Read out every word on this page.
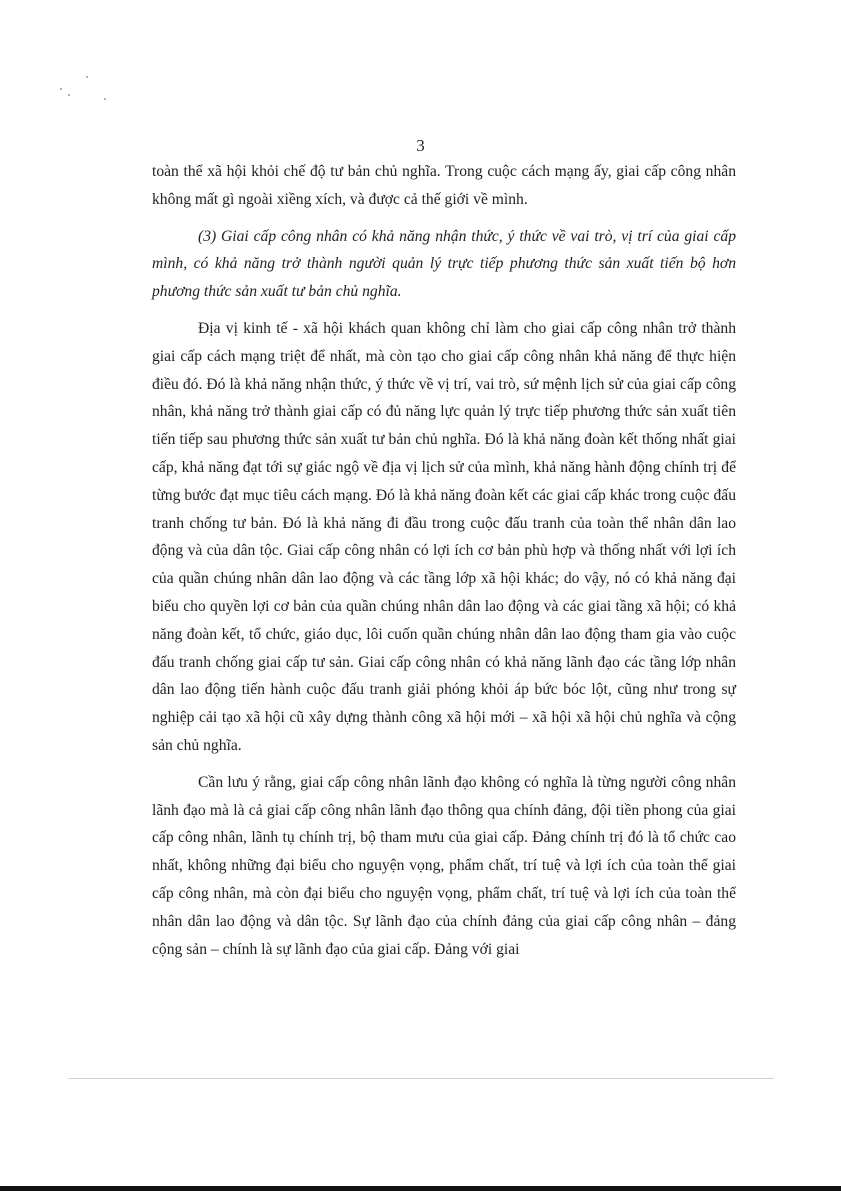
3

toàn thể xã hội khỏi chế độ tư bản chủ nghĩa. Trong cuộc cách mạng ấy, giai cấp công nhân không mất gì ngoài xiềng xích, và được cả thế giới về mình.

(3) Giai cấp công nhân có khả năng nhận thức, ý thức về vai trò, vị trí của giai cấp mình, có khả năng trở thành người quản lý trực tiếp phương thức sản xuất tiến bộ hơn phương thức sản xuất tư bản chủ nghĩa.

Địa vị kinh tế - xã hội khách quan không chỉ làm cho giai cấp công nhân trở thành giai cấp cách mạng triệt để nhất, mà còn tạo cho giai cấp công nhân khả năng để thực hiện điều đó. Đó là khả năng nhận thức, ý thức về vị trí, vai trò, sứ mệnh lịch sử của giai cấp công nhân, khả năng trở thành giai cấp có đủ năng lực quản lý trực tiếp phương thức sản xuất tiên tiến tiếp sau phương thức sản xuất tư bản chủ nghĩa. Đó là khả năng đoàn kết thống nhất giai cấp, khả năng đạt tới sự giác ngộ về địa vị lịch sử của mình, khả năng hành động chính trị để từng bước đạt mục tiêu cách mạng. Đó là khả năng đoàn kết các giai cấp khác trong cuộc đấu tranh chống tư bản. Đó là khả năng đi đầu trong cuộc đấu tranh của toàn thể nhân dân lao động và của dân tộc. Giai cấp công nhân có lợi ích cơ bản phù hợp và thống nhất với lợi ích của quần chúng nhân dân lao động và các tầng lớp xã hội khác; do vậy, nó có khả năng đại biểu cho quyền lợi cơ bản của quần chúng nhân dân lao động và các giai tầng xã hội; có khả năng đoàn kết, tổ chức, giáo dục, lôi cuốn quần chúng nhân dân lao động tham gia vào cuộc đấu tranh chống giai cấp tư sản. Giai cấp công nhân có khả năng lãnh đạo các tầng lớp nhân dân lao động tiến hành cuộc đấu tranh giải phóng khỏi áp bức bóc lột, cũng như trong sự nghiệp cải tạo xã hội cũ xây dựng thành công xã hội mới – xã hội xã hội chủ nghĩa và cộng sản chủ nghĩa.

Cần lưu ý rằng, giai cấp công nhân lãnh đạo không có nghĩa là từng người công nhân lãnh đạo mà là cả giai cấp công nhân lãnh đạo thông qua chính đảng, đội tiền phong của giai cấp công nhân, lãnh tụ chính trị, bộ tham mưu của giai cấp. Đảng chính trị đó là tổ chức cao nhất, không những đại biểu cho nguyện vọng, phẩm chất, trí tuệ và lợi ích của toàn thể giai cấp công nhân, mà còn đại biểu cho nguyện vọng, phẩm chất, trí tuệ và lợi ích của toàn thể nhân dân lao động và dân tộc. Sự lãnh đạo của chính đảng của giai cấp công nhân – đảng cộng sản – chính là sự lãnh đạo của giai cấp. Đảng với giai
